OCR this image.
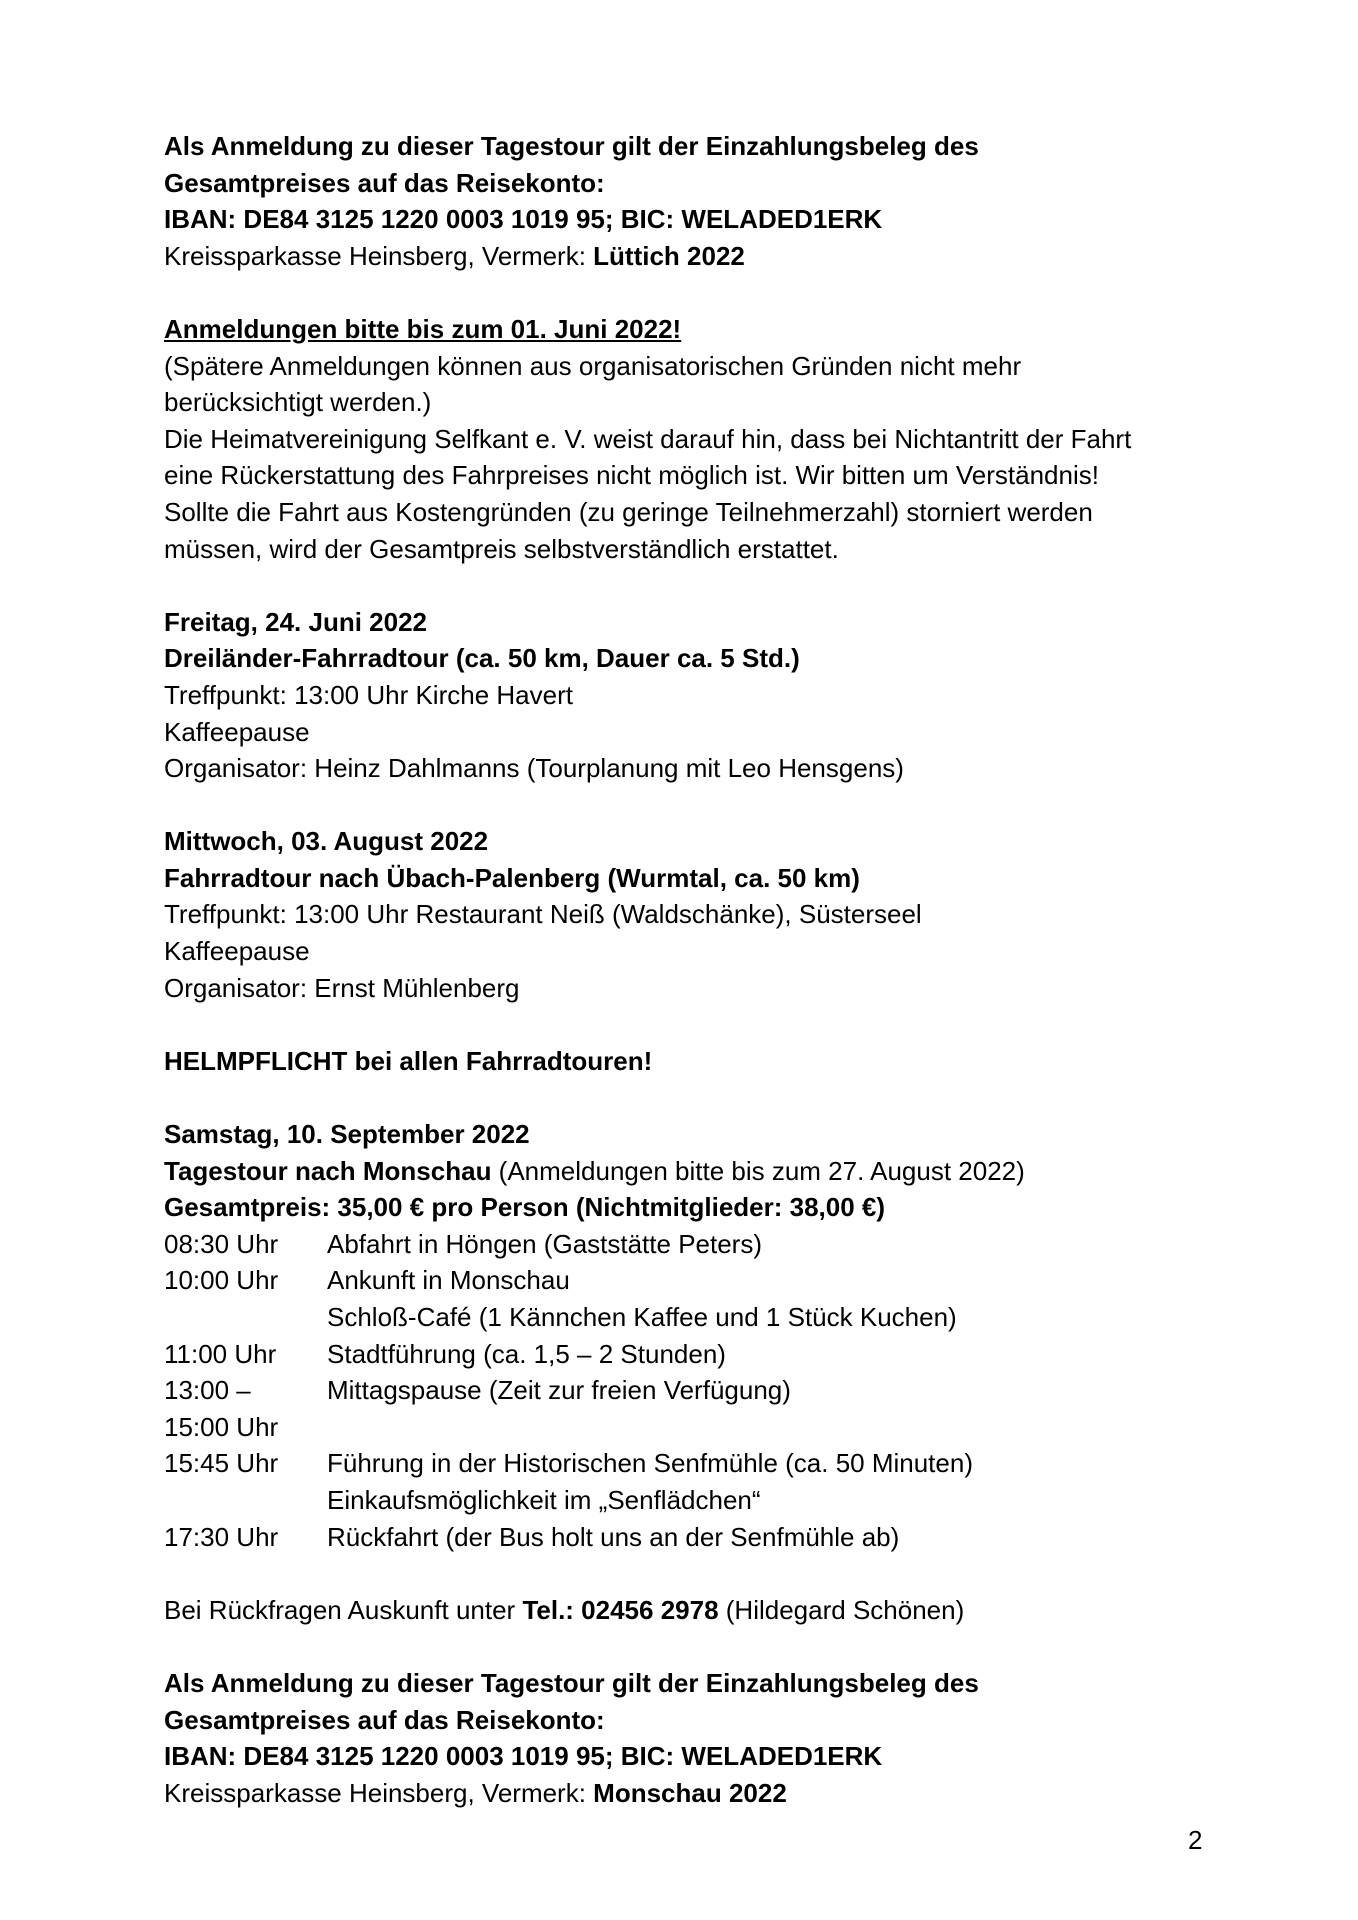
Als Anmeldung zu dieser Tagestour gilt der Einzahlungsbeleg des
Gesamtpreises auf das Reisekonto:
IBAN: DE84 3125 1220 0003 1019 95; BIC: WELADED1ERK
Kreissparkasse Heinsberg, Vermerk: Lüttich 2022
Anmeldungen bitte bis zum 01. Juni 2022!
(Spätere Anmeldungen können aus organisatorischen Gründen nicht mehr
berücksichtigt werden.)
Die Heimatvereinigung Selfkant e. V. weist darauf hin, dass bei Nichtantritt der Fahrt
eine Rückerstattung des Fahrpreises nicht möglich ist. Wir bitten um Verständnis!
Sollte die Fahrt aus Kostengründen (zu geringe Teilnehmerzahl) storniert werden
müssen, wird der Gesamtpreis selbstverständlich erstattet.
Freitag, 24. Juni 2022
Dreiländer-Fahrradtour (ca. 50 km, Dauer ca. 5 Std.)
Treffpunkt: 13:00 Uhr Kirche Havert
Kaffeepause
Organisator: Heinz Dahlmanns (Tourplanung mit Leo Hensgens)
Mittwoch, 03. August 2022
Fahrradtour nach Übach-Palenberg (Wurmtal, ca. 50 km)
Treffpunkt: 13:00 Uhr Restaurant Neiß (Waldschänke), Süsterseel
Kaffeepause
Organisator: Ernst Mühlenberg
HELMPFLICHT bei allen Fahrradtouren!
Samstag, 10. September 2022
Tagestour nach Monschau (Anmeldungen bitte bis zum 27. August 2022)
Gesamtpreis: 35,00 € pro Person (Nichtmitglieder: 38,00 €)
08:30 Uhr	Abfahrt in Höngen (Gaststätte Peters)
10:00 Uhr	Ankunft in Monschau
Schloß-Café (1 Kännchen Kaffee und 1 Stück Kuchen)
11:00 Uhr	Stadtführung (ca. 1,5 – 2 Stunden)
13:00 –	Mittagspause (Zeit zur freien Verfügung)
15:00 Uhr
15:45 Uhr	Führung in der Historischen Senfmühle (ca. 50 Minuten)
Einkaufsmöglichkeit im „Senflädchen“
17:30 Uhr	Rückfahrt (der Bus holt uns an der Senfmühle ab)
Bei Rückfragen Auskunft unter Tel.: 02456 2978 (Hildegard Schönen)
Als Anmeldung zu dieser Tagestour gilt der Einzahlungsbeleg des
Gesamtpreises auf das Reisekonto:
IBAN: DE84 3125 1220 0003 1019 95; BIC: WELADED1ERK
Kreissparkasse Heinsberg, Vermerk: Monschau 2022
2
